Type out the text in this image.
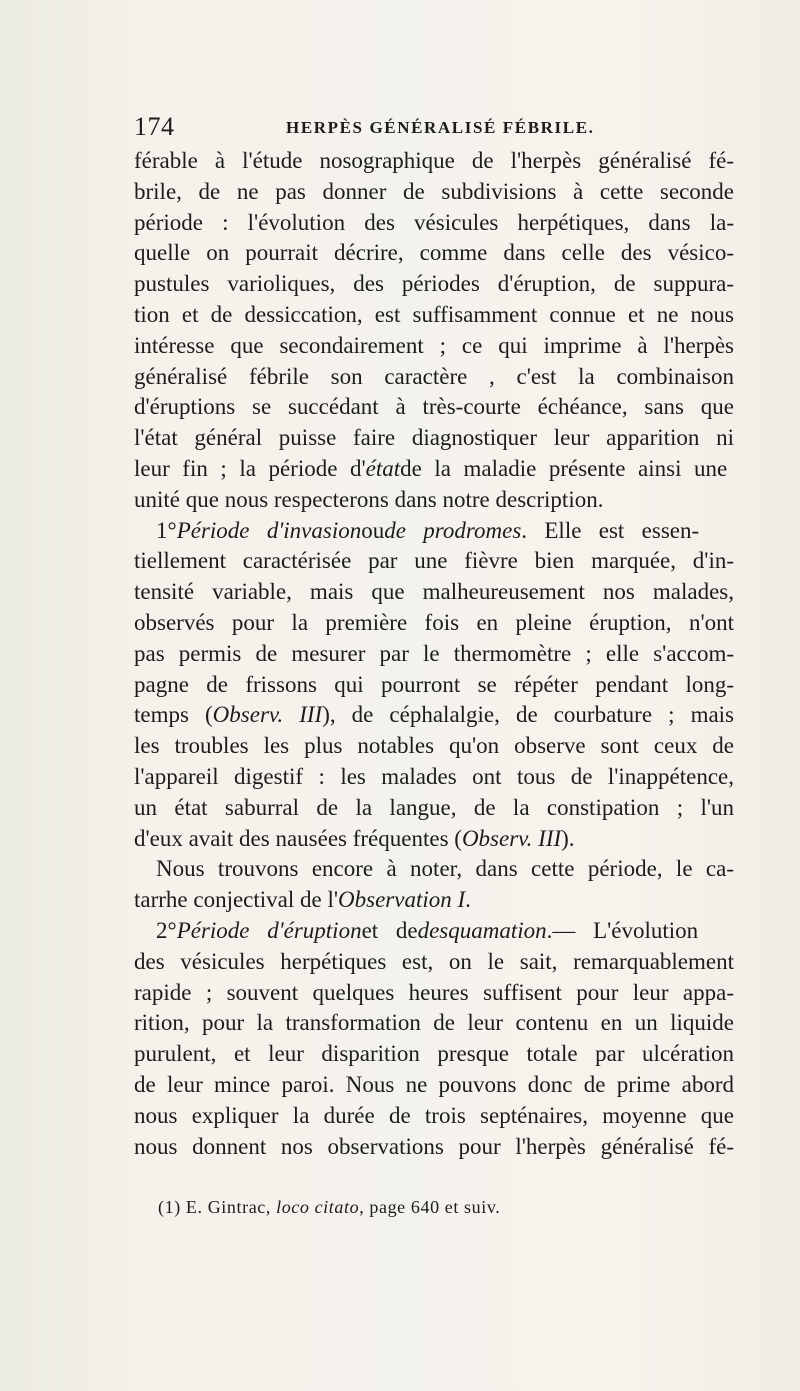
174	HERPÈS GÉNÉRALISÉ FÉBRILE.
férable à l'étude nosographique de l'herpès généralisé fé-
brile, de ne pas donner de subdivisions à cette seconde
période : l'évolution des vésicules herpétiques, dans la-
quelle on pourrait décrire, comme dans celle des vésico-
pustules varioliques, des périodes d'éruption, de suppura-
tion et de dessiccation, est suffisamment connue et ne nous
intéresse que secondairement ; ce qui imprime à l'herpès
généralisé fébrile son caractère , c'est la combinaison
d'éruptions se succédant à très-courte échéance, sans que
l'état général puisse faire diagnostiquer leur apparition ni
leur fin ; la période d'étatde la maladie présente ainsi une
unité que nous respecterons dans notre description.
1°Période d'invasionoude prodromes. Elle est essen-
tiellement caractérisée par une fièvre bien marquée, d'in-
tensité variable, mais que malheureusement nos malades,
observés pour la première fois en pleine éruption, n'ont
pas permis de mesurer par le thermomètre ; elle s'accom-
pagne de frissons qui pourront se répéter pendant long-
temps (Observ. III), de céphalalgie, de courbature ; mais
les troubles les plus notables qu'on observe sont ceux de
l'appareil digestif : les malades ont tous de l'inappétence,
un état saburral de la langue, de la constipation ; l'un
d'eux avait des nausées fréquentes (Observ. III).
Nous trouvons encore à noter, dans cette période, le ca-
tarrhe conjectival de l'Observation I.
2°Période d'éruptionet dedesquamation.— L'évolution
des vésicules herpétiques est, on le sait, remarquablement
rapide ; souvent quelques heures suffisent pour leur appa-
rition, pour la transformation de leur contenu en un liquide
purulent, et leur disparition presque totale par ulcération
de leur mince paroi. Nous ne pouvons donc de prime abord
nous expliquer la durée de trois septénaires, moyenne que
nous donnent nos observations pour l'herpès généralisé fé-
(1) E. Gintrac, loco citato, page 640 et suiv.
